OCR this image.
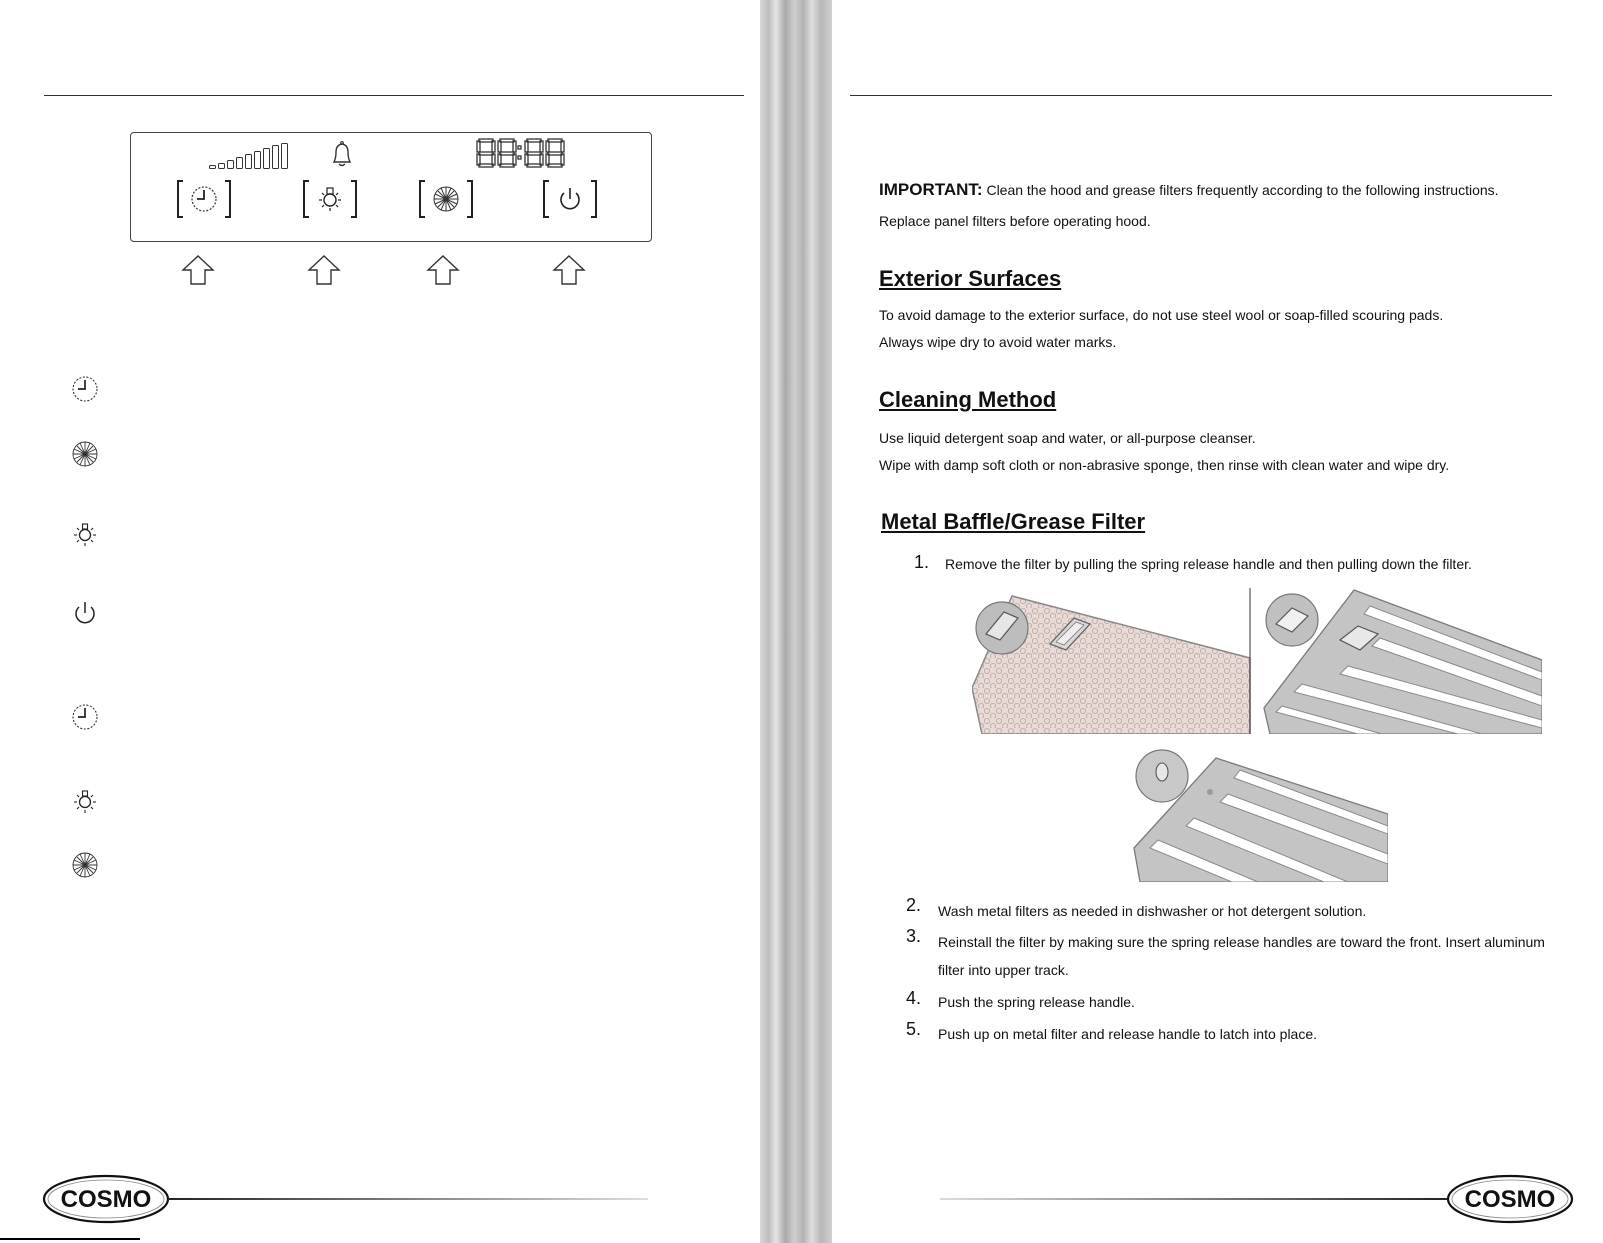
COSMO
IMPORTANT: Clean the hood and grease filters frequently according to the following instructions.
Replace panel filters before operating hood.
Exterior Surfaces
To avoid damage to the exterior surface, do not use steel wool or soap-filled scouring pads.
Always wipe dry to avoid water marks.
Cleaning Method
Use liquid detergent soap and water, or all-purpose cleanser.
Wipe with damp soft cloth or non-abrasive sponge, then rinse with clean water and wipe dry.
Metal Baffle/Grease Filter
1. Remove the filter by pulling the spring release handle and then pulling down the filter.
2. Wash metal filters as needed in dishwasher or hot detergent solution.
3. Reinstall the filter by making sure the spring release handles are toward the front. Insert aluminum
filter into upper track.
4. Push the spring release handle.
5. Push up on metal filter and release handle to latch into place.
COSMO
